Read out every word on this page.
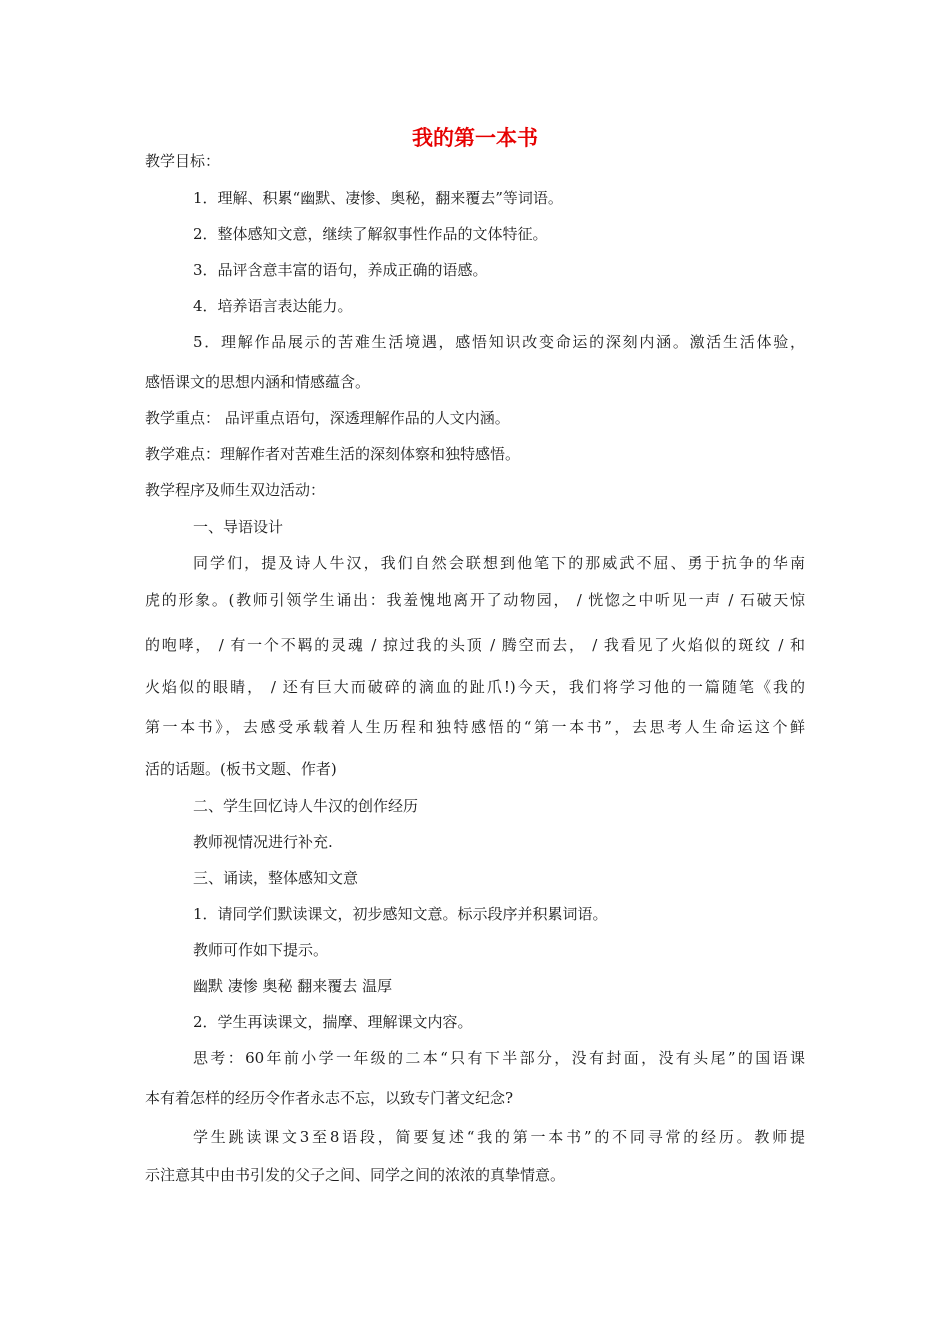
我的第一本书
教学目标：
1．理解、积累“幽默、凄惨、奥秘，翻来覆去”等词语。
2．整体感知文意，继续了解叙事性作品的文体特征。
3．品评含意丰富的语句，养成正确的语感。
4．培养语言表达能力。
5．理解作品展示的苦难生活境遇，感悟知识改变命运的深刻内涵。激活生活体验，
感悟课文的思想内涵和情感蕴含。
教学重点： 品评重点语句，深透理解作品的人文内涵。
教学难点：理解作者对苦难生活的深刻体察和独特感悟。
教学程序及师生双边活动：
一、导语设计
同学们，提及诗人牛汉，我们自然会联想到他笔下的那威武不屈、勇于抗争的华南
虎的形象。(教师引领学生诵出：我羞愧地离开了动物园， / 恍惚之中听见一声 / 石破天惊
的咆哮， / 有一个不羁的灵魂 / 掠过我的头顶 / 腾空而去， / 我看见了火焰似的斑纹 / 和
火焰似的眼睛， / 还有巨大而破碎的滴血的趾爪!)今天，我们将学习他的一篇随笔《我的
第一本书》，去感受承载着人生历程和独特感悟的“第一本书”，去思考人生命运这个鲜
活的话题。(板书文题、作者)
二、学生回忆诗人牛汉的创作经历
教师视情况进行补充.
三、诵读，整体感知文意
1．请同学们默读课文，初步感知文意。标示段序并积累词语。
教师可作如下提示。
幽默 凄惨 奥秘 翻来覆去 温厚
2．学生再读课文，揣摩、理解课文内容。
思考：60年前小学一年级的二本“只有下半部分，没有封面，没有头尾”的国语课
本有着怎样的经历令作者永志不忘，以致专门著文纪念?
学生跳读课文3至8语段，简要复述“我的第一本书”的不同寻常的经历。教师提
示注意其中由书引发的父子之间、同学之间的浓浓的真挚情意。
